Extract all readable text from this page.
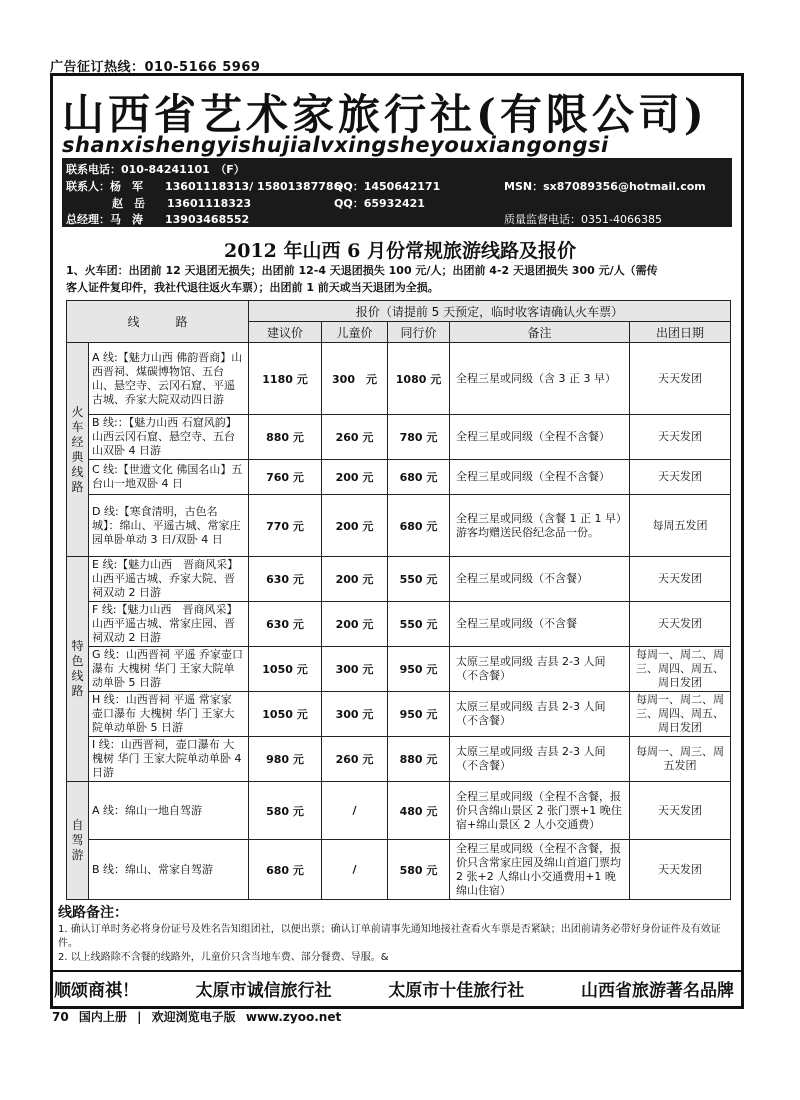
广告征订热线：010-5166 5969
山西省艺术家旅行社(有限公司)
shanxishengyishujialvxingsheyouxiangongsi
联系电话：010-84241101　（F）
联系人：杨　军　　13601118313/ 15801387786
QQ：1450642171	MSN：sx87089356@hotmail.com
赵　岳　　13601118323	QQ：65932421
总经理：马　涛　　13903468552	质量监督电话：0351-4066385
2012 年山西 6 月份常规旅游线路及报价

1、火车团：出团前 12 天退团无损失；出团前 12-4 天退团损失 100 元/人；出团前 4-2 天退团损失 300 元/人（需传

客人证件复印件，我社代退往返火车票）；出团前 1 前天或当天退团为全损。

线　　　路		报价（请提前 5 天预定，临时收客请确认火车票）				
		建议价	儿童价	同行价	备注	出团日期
火车经典线路	A 线:【魅力山西 佛韵晋商】山西晋祠、煤碳博物馆、五台山、悬空寺、云冈石窟、平遥古城、乔家大院双动四日游	1180 元	300　元	1080 元	全程三星或同级（含 3 正 3 早）	天天发团
	B 线:：【魅力山西 石窟风韵】山西云冈石窟、悬空寺、五台山双卧 4 日游	880 元	260 元	780 元	全程三星或同级（全程不含餐）	天天发团
	C 线:【世遗文化 佛国名山】五台山一地双卧 4 日	760 元	200 元	680 元	全程三星或同级（全程不含餐）	天天发团
	D 线:【寒食清明，古色名城】：绵山、平遥古城、常家庄园单卧单动 3 日/双卧 4 日	770 元	200 元	680 元	全程三星或同级（含餐 1 正 1 早）游客均赠送民俗纪念品一份。	每周五发团
特色线路	E 线:【魅力山西　晋商风采】山西平遥古城、乔家大院、晋祠双动 2 日游	630 元	200 元	550 元	全程三星或同级（不含餐）	天天发团
	F 线:【魅力山西　晋商风采】山西平遥古城、常家庄园、晋祠双动 2 日游	630 元	200 元	550 元	全程三星或同级（不含餐	天天发团
	G 线：山西晋祠 平遥 乔家壶口瀑布 大槐树 华门 王家大院单动单卧 5 日游	1050 元	300 元	950 元	太原三星或同级 吉县 2-3 人间　（不含餐）	每周一、周二、周三、周四、周五、周日发团
	H 线：山西晋祠 平遥 常家家 壶口瀑布 大槐树 华门 王家大院单动单卧 5 日游	1050 元	300 元	950 元	太原三星或同级 吉县 2-3 人间　（不含餐）	每周一、周二、周三、周四、周五、周日发团
	I 线：山西晋祠，壶口瀑布 大槐树 华门 王家大院单动单卧 4 日游	980 元	260 元	880 元	太原三星或同级 吉县 2-3 人间　（不含餐）	每周一、周三、周五发团
自驾游	A 线：绵山一地自驾游	580 元	/	480 元	全程三星或同级（全程不含餐，报价只含绵山景区 2 张门票+1 晚住宿+绵山景区 2 人小交通费）	天天发团
	B 线：绵山、常家自驾游	680 元	/	580 元	全程三星或同级（全程不含餐，报价只含常家庄园及绵山首道门票均 2 张+2 人绵山小交通费用+1 晚绵山住宿）	天天发团
线路备注：

1. 确认订单时务必将身份证号及姓名告知组团社，以便出票；确认订单前请事先通知地接社查看火车票是否紧缺；出团前请务必带好身份证件及有效证件。

2. 以上线路除不含餐的线路外，儿童价只含当地车费、部分餐费、导服。&

顺颂商祺！	太原市诚信旅行社	太原市十佳旅行社	山西省旅游著名品牌
70 国内上册 | 欢迎浏览电子版 www.zyoo.net
